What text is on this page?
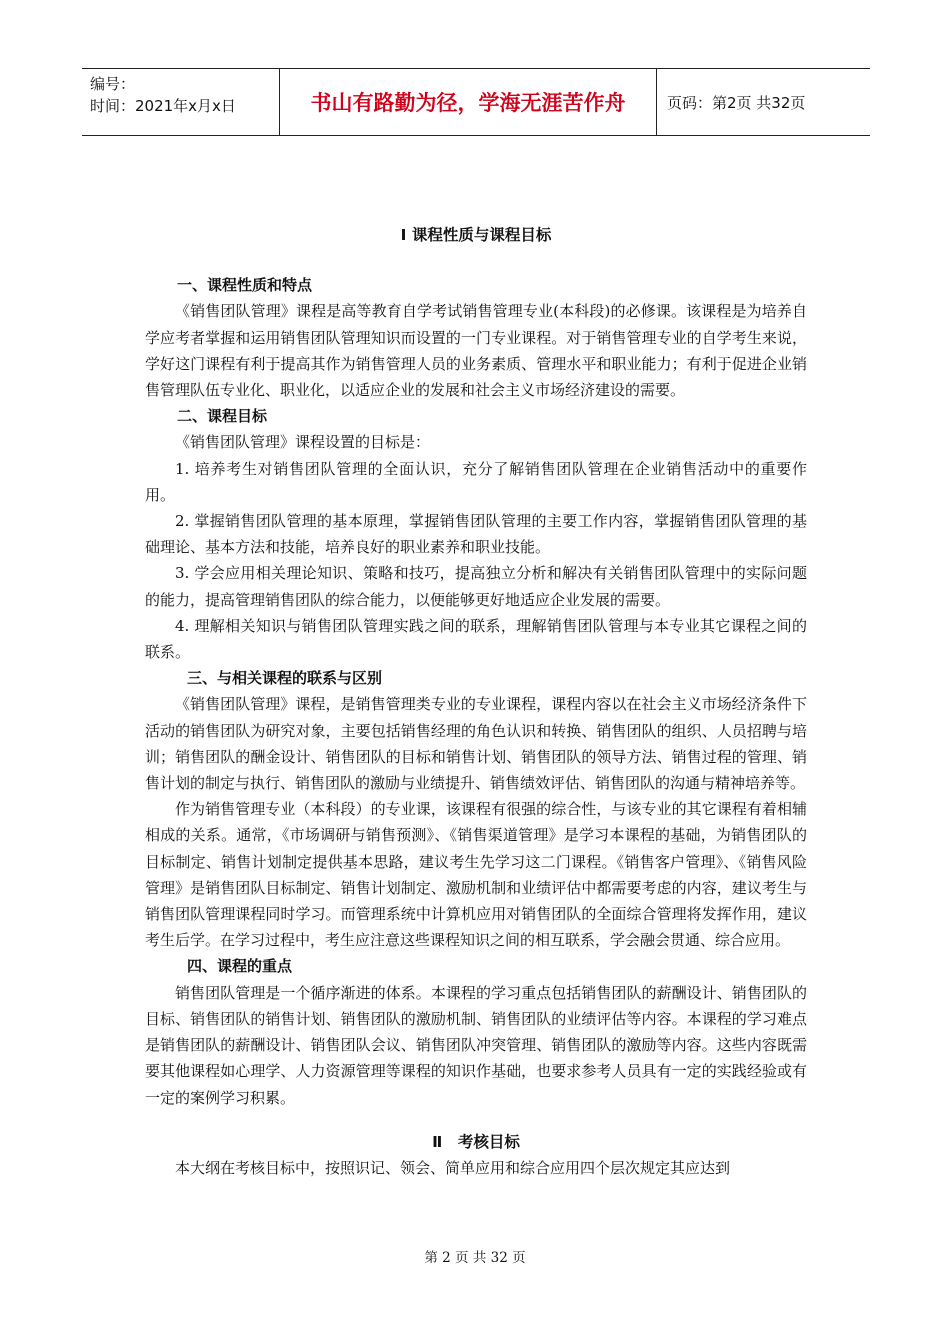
编号：
时间：2021年x月x日	书山有路勤为径，学海无涯苦作舟	页码：第2页 共32页
Ⅰ 课程性质与课程目标
一、课程性质和特点

《销售团队管理》课程是高等教育自学考试销售管理专业(本科段)的必修课。该课程是为培养自学应考者掌握和运用销售团队管理知识而设置的一门专业课程。对于销售管理专业的自学考生来说，学好这门课程有利于提高其作为销售管理人员的业务素质、管理水平和职业能力；有利于促进企业销售管理队伍专业化、职业化，以适应企业的发展和社会主义市场经济建设的需要。

二、课程目标

《销售团队管理》课程设置的目标是：

1. 培养考生对销售团队管理的全面认识，充分了解销售团队管理在企业销售活动中的重要作用。

2. 掌握销售团队管理的基本原理，掌握销售团队管理的主要工作内容，掌握销售团队管理的基础理论、基本方法和技能，培养良好的职业素养和职业技能。

3. 学会应用相关理论知识、策略和技巧，提高独立分析和解决有关销售团队管理中的实际问题的能力，提高管理销售团队的综合能力，以便能够更好地适应企业发展的需要。

4. 理解相关知识与销售团队管理实践之间的联系，理解销售团队管理与本专业其它课程之间的联系。

三、与相关课程的联系与区别

《销售团队管理》课程，是销售管理类专业的专业课程，课程内容以在社会主义市场经济条件下活动的销售团队为研究对象，主要包括销售经理的角色认识和转换、销售团队的组织、人员招聘与培训；销售团队的酬金设计、销售团队的目标和销售计划、销售团队的领导方法、销售过程的管理、销售计划的制定与执行、销售团队的激励与业绩提升、销售绩效评估、销售团队的沟通与精神培养等。

作为销售管理专业（本科段）的专业课，该课程有很强的综合性，与该专业的其它课程有着相辅相成的关系。通常，《市场调研与销售预测》、《销售渠道管理》是学习本课程的基础，为销售团队的目标制定、销售计划制定提供基本思路，建议考生先学习这二门课程。《销售客户管理》、《销售风险管理》是销售团队目标制定、销售计划制定、激励机制和业绩评估中都需要考虑的内容，建议考生与销售团队管理课程同时学习。而管理系统中计算机应用对销售团队的全面综合管理将发挥作用，建议考生后学。在学习过程中，考生应注意这些课程知识之间的相互联系，学会融会贯通、综合应用。

四、课程的重点

销售团队管理是一个循序渐进的体系。本课程的学习重点包括销售团队的薪酬设计、销售团队的目标、销售团队的销售计划、销售团队的激励机制、销售团队的业绩评估等内容。本课程的学习难点是销售团队的薪酬设计、销售团队会议、销售团队冲突管理、销售团队的激励等内容。这些内容既需要其他课程如心理学、人力资源管理等课程的知识作基础，也要求参考人员具有一定的实践经验或有一定的案例学习积累。

Ⅱ　考核目标

本大纲在考核目标中，按照识记、领会、简单应用和综合应用四个层次规定其应达到

第 2 页 共 32 页
